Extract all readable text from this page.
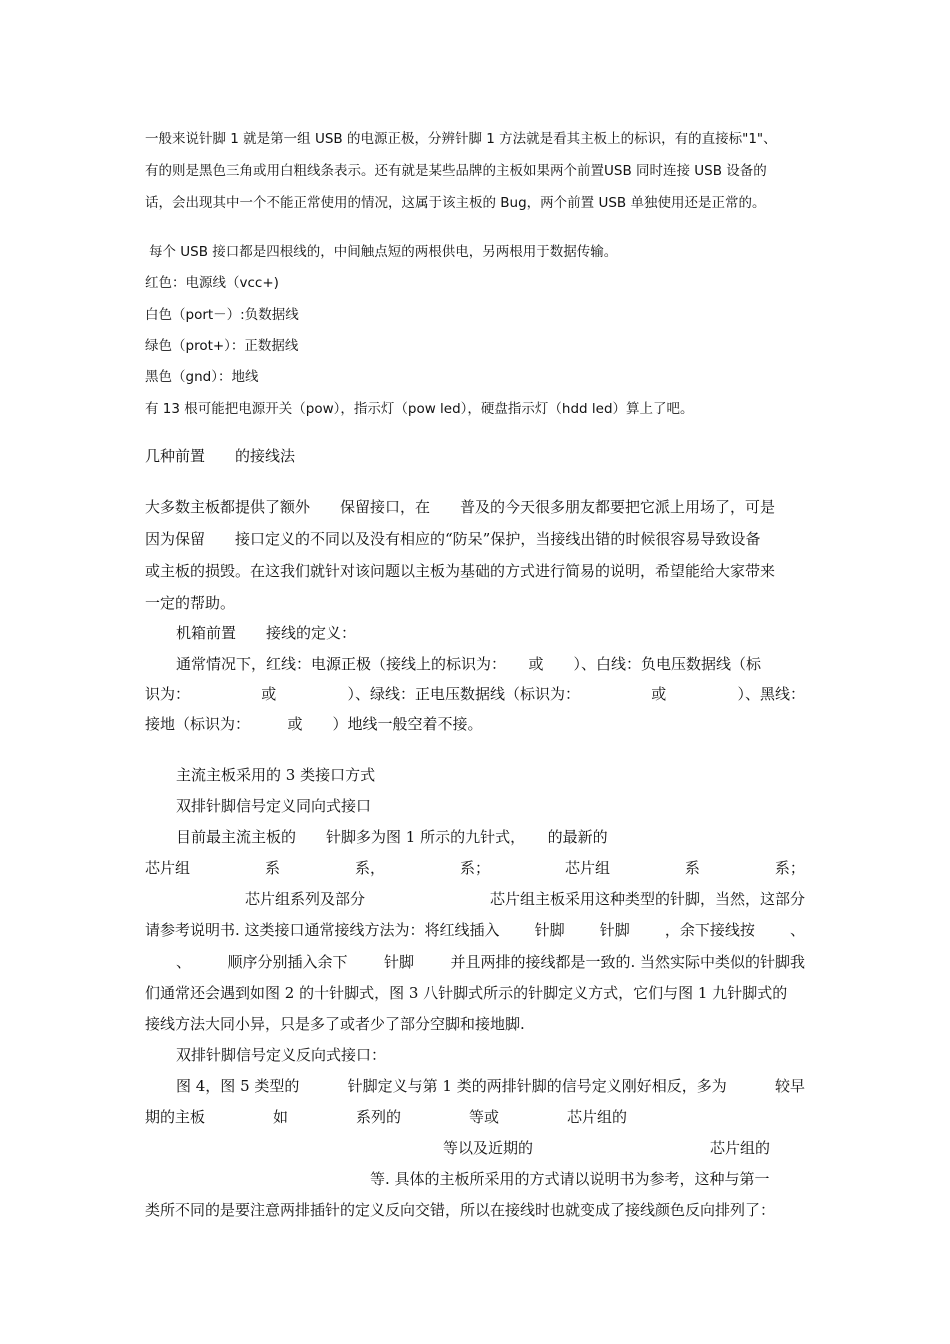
一般来说针脚 1 就是第一组 USB 的电源正极，分辨针脚 1 方法就是看其主板上的标识，有的直接标"1"、
有的则是黑色三角或用白粗线条表示。还有就是某些品牌的主板如果两个前置USB 同时连接 USB 设备的
话，会出现其中一个不能正常使用的情况，这属于该主板的 Bug，两个前置 USB 单独使用还是正常的。
每个 USB 接口都是四根线的，中间触点短的两根供电，另两根用于数据传输。
红色：电源线（vcc+)
白色（port－）:负数据线
绿色（prot+）：正数据线
黑色（gnd）：地线
有 13 根可能把电源开关（pow），指示灯（pow led），硬盘指示灯（hdd led）算上了吧。
几种前置　　的接线法
大多数主板都提供了额外　　保留接口，在　　普及的今天很多朋友都要把它派上用场了，可是
因为保留　　接口定义的不同以及没有相应的“防呆”保护，当接线出错的时候很容易导致设备
或主板的损毁。在这我们就针对该问题以主板为基础的方式进行简易的说明，希望能给大家带来
一定的帮助。
机箱前置　　接线的定义：
通常情况下，红线：电源正极（接线上的标识为：　　或　　）、白线：负电压数据线（标
识为：	或	）、绿线：正电压数据线（标识为：	或	）、黑线：
接地（标识为：　　　或　　）地线一般空着不接。
主流主板采用的 3 类接口方式
双排针脚信号定义同向式接口
目前最主流主板的　　针脚多为图 1 所示的九针式，　　的最新的
芯片组	系	系，	系；	芯片组	系	系；
芯片组系列及部分	芯片组主板采用这种类型的针脚，当然，这部分
请参考说明书. 这类接口通常接线方法为：将红线插入 针脚 针脚 ，余下接线按 、
、 顺序分别插入余下 针脚 并且两排的接线都是一致的. 当然实际中类似的针脚我
们通常还会遇到如图 2 的十针脚式，图 3 八针脚式所示的针脚定义方式，它们与图 1 九针脚式的
接线方法大同小异，只是多了或者少了部分空脚和接地脚.
双排针脚信号定义反向式接口：
图 4，图 5 类型的	针脚定义与第 1 类的两排针脚的信号定义刚好相反，多为	较早
期的主板	如	系列的	等或	芯片组的
等以及近期的	芯片组的
等. 具体的主板所采用的方式请以说明书为参考，这种与第一
类所不同的是要注意两排插针的定义反向交错，所以在接线时也就变成了接线颜色反向排列了：
